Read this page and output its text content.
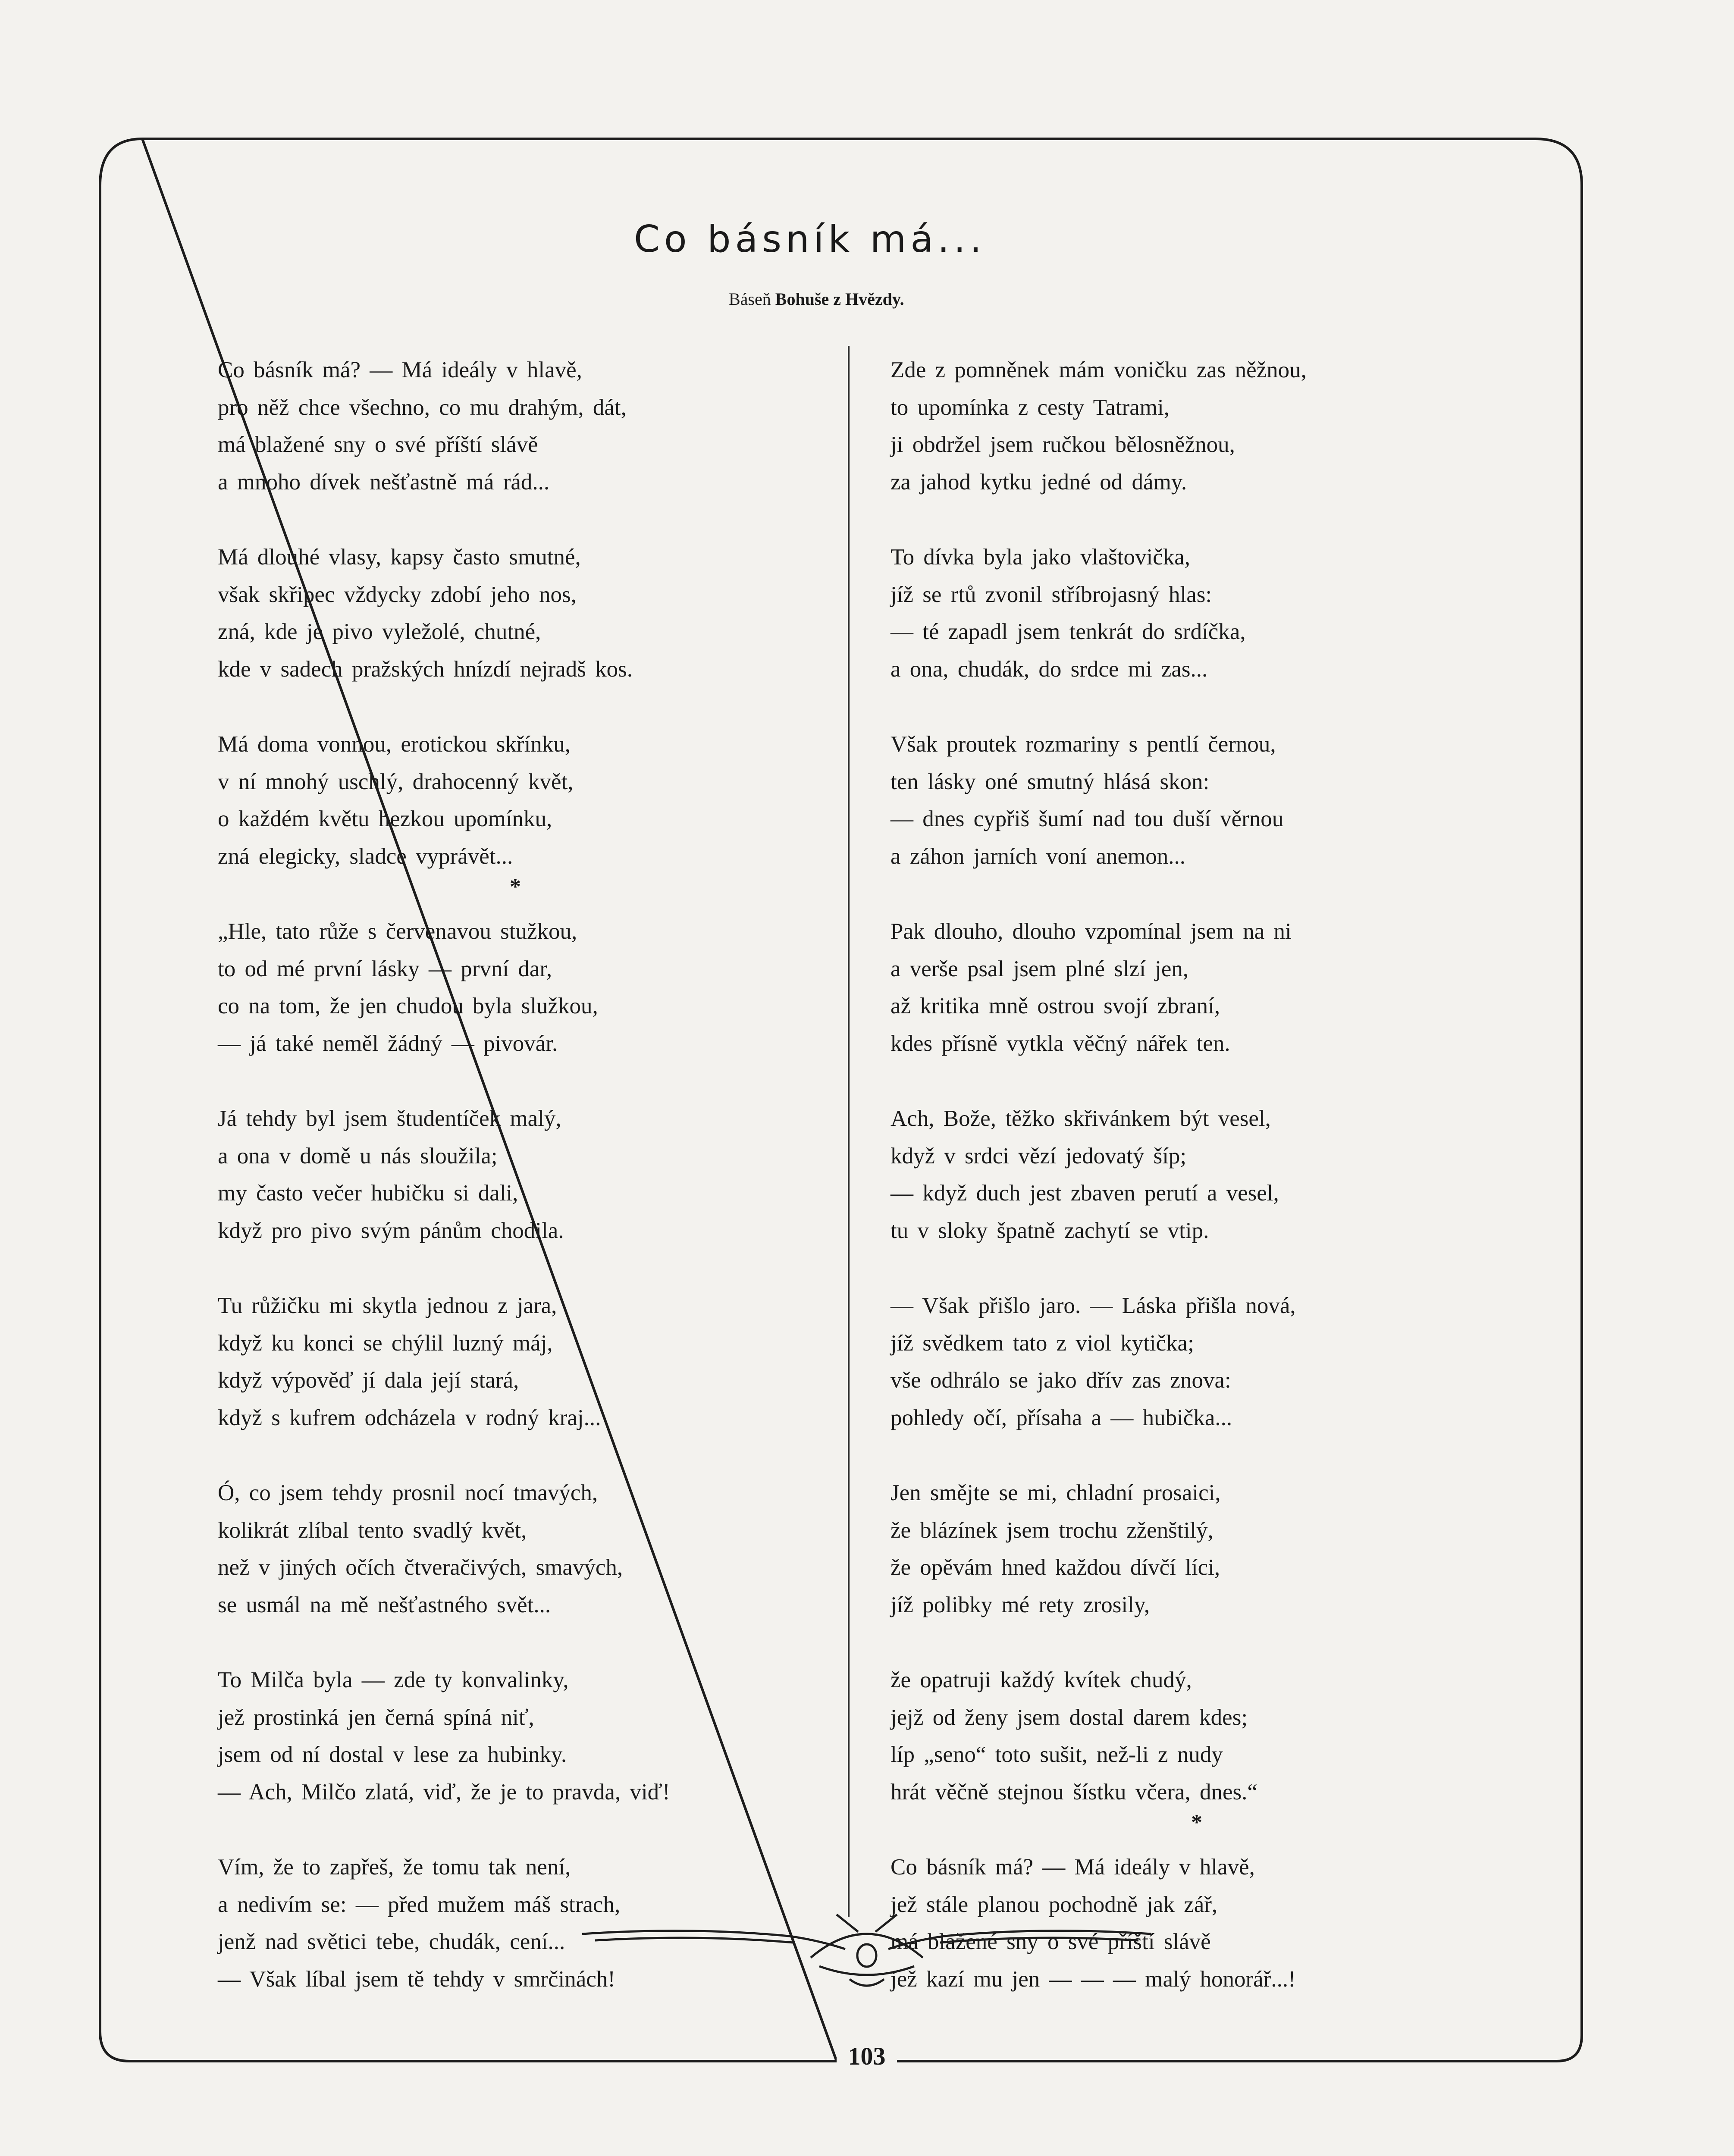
Co básník má...
Báseň Bohuše z Hvězdy.
Co básník má? — Má ideály v hlavě,
pro něž chce všechno, co mu drahým, dát,
má blažené sny o své příští slávě
a mnoho dívek nešťastně má rád...
Má dlouhé vlasy, kapsy často smutné,
však skřipec vždycky zdobí jeho nos,
zná, kde je pivo vyležolé, chutné,
kde v sadech pražských hnízdí nejradš kos.
Má doma vonnou, erotickou skřínku,
v ní mnohý uschlý, drahocenný květ,
o každém květu hezkou upomínku,
zná elegicky, sladce vyprávět...
*
„Hle, tato růže s červenavou stužkou,
to od mé první lásky — první dar,
co na tom, že jen chudou byla služkou,
— já také neměl žádný — pivovár.
Já tehdy byl jsem študentíček malý,
a ona v domě u nás sloužila;
my často večer hubičku si dali,
když pro pivo svým pánům chodila.
Tu růžičku mi skytla jednou z jara,
když ku konci se chýlil luzný máj,
když výpověď jí dala její stará,
když s kufrem odcházela v rodný kraj...
Ó, co jsem tehdy prosnil nocí tmavých,
kolikrát zlíbal tento svadlý květ,
než v jiných očích čtveračivých, smavých,
se usmál na mě nešťastného svět...
To Milča byla — zde ty konvalinky,
jež prostinká jen černá spíná niť,
jsem od ní dostal v lese za hubinky.
— Ach, Milčo zlatá, viď, že je to pravda, viď!
Vím, že to zapřeš, že tomu tak není,
a nedivím se: — před mužem máš strach,
jenž nad světici tebe, chudák, cení...
— Však líbal jsem tě tehdy v smrčinách!
Zde z pomněnek mám voničku zas něžnou,
to upomínka z cesty Tatrami,
ji obdržel jsem ručkou bělosněžnou,
za jahod kytku jedné od dámy.
To dívka byla jako vlaštovička,
jíž se rtů zvonil stříbrojasný hlas:
— té zapadl jsem tenkrát do srdíčka,
a ona, chudák, do srdce mi zas...
Však proutek rozmariny s pentlí černou,
ten lásky oné smutný hlásá skon:
— dnes cypřiš šumí nad tou duší věrnou
a záhon jarních voní anemon...
Pak dlouho, dlouho vzpomínal jsem na ni
a verše psal jsem plné slzí jen,
až kritika mně ostrou svojí zbraní,
kdes přísně vytkla věčný nářek ten.
Ach, Bože, těžko skřivánkem být vesel,
když v srdci vězí jedovatý šíp;
— když duch jest zbaven perutí a vesel,
tu v sloky špatně zachytí se vtip.
— Však přišlo jaro. — Láska přišla nová,
jíž svědkem tato z viol kytička;
vše odhrálo se jako dřív zas znova:
pohledy očí, přísaha a — hubička...
Jen smějte se mi, chladní prosaici,
že blázínek jsem trochu zženštilý,
že opěvám hned každou dívčí líci,
jíž polibky mé rety zrosily,
že opatruji každý kvítek chudý,
jejž od ženy jsem dostal darem kdes;
líp „seno“ toto sušit, než-li z nudy
hrát věčně stejnou šístku včera, dnes.“
*
Co básník má? — Má ideály v hlavě,
jež stále planou pochodně jak zář,
má blažené sny o své příští slávě
jež kazí mu jen — — — malý honorář...!
103
